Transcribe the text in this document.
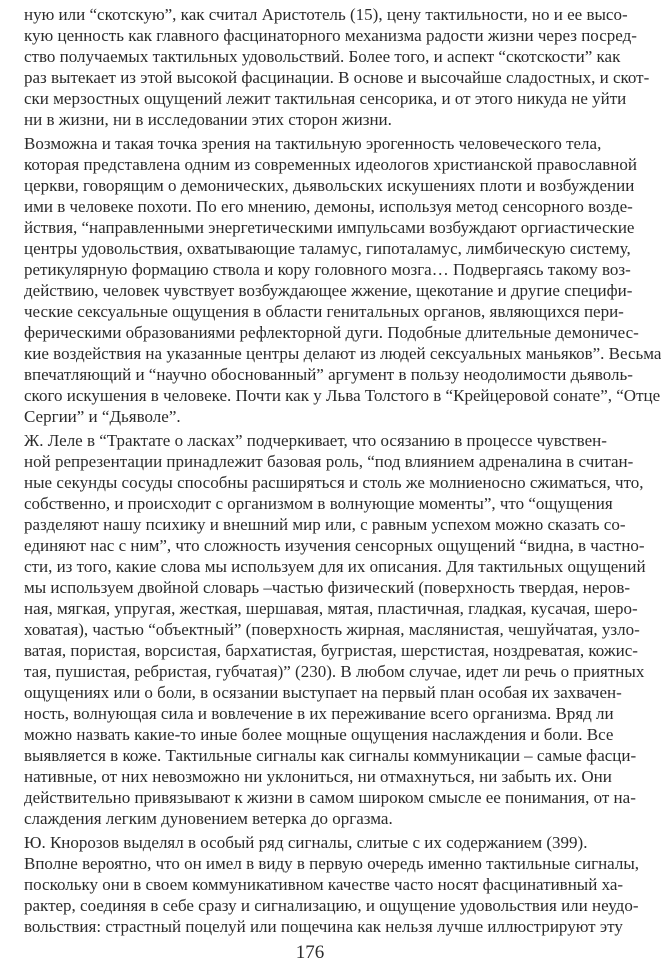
ную или “скотскую”, как считал Аристотель (15), цену тактильности, но и ее высо-
кую ценность как главного фасцинаторного механизма радости жизни через посред-
ство получаемых тактильных удовольствий. Более того, и аспект “скотскости” как
раз вытекает из этой высокой фасцинации. В основе и высочайше сладостных, и скот-
ски мерзостных ощущений лежит тактильная сенсорика, и от этого никуда не уйти
ни в жизни, ни в исследовании этих сторон жизни.
Возможна и такая точка зрения на тактильную эрогенность человеческого тела,
которая представлена одним из современных идеологов христианской православной
церкви, говорящим о демонических, дьявольских искушениях плоти и возбуждении
ими в человеке похоти. По его мнению, демоны, используя метод сенсорного возде-
йствия, “направленными энергетическими импульсами возбуждают оргиастические
центры удовольствия, охватывающие таламус, гипоталамус, лимбическую систему,
ретикулярную формацию ствола и кору головного мозга… Подвергаясь такому воз-
действию, человек чувствует возбуждающее жжение, щекотание и другие специфи-
ческие сексуальные ощущения в области генитальных органов, являющихся пери-
ферическими образованиями рефлекторной дуги. Подобные длительные демоничес-
кие воздействия на указанные центры делают из людей сексуальных маньяков”. Весьма
впечатляющий и “научно обоснованный” аргумент в пользу неодолимости дьяволь-
ского искушения в человеке. Почти как у Льва Толстого в “Крейцеровой сонате”, “Отце
Сергии” и “Дьяволе”.
Ж. Леле в “Трактате о ласках” подчеркивает, что осязанию в процессе чувствен-
ной репрезентации принадлежит базовая роль, “под влиянием адреналина в считан-
ные секунды сосуды способны расширяться и столь же молниеносно сжиматься, что,
собственно, и происходит с организмом в волнующие моменты”, что “ощущения
разделяют нашу психику и внешний мир или, с равным успехом можно сказать со-
единяют нас с ним”, что сложность изучения сенсорных ощущений “видна, в частно-
сти, из того, какие слова мы используем для их описания. Для тактильных ощущений
мы используем двойной словарь –частью физический (поверхность твердая, неров-
ная, мягкая, упругая, жесткая, шершавая, мятая, пластичная, гладкая, кусачая, шеро-
ховатая), частью “объектный” (поверхность жирная, маслянистая, чешуйчатая, узло-
ватая, пористая, ворсистая, бархатистая, бугристая, шерстистая, ноздреватая, кожис-
тая, пушистая, ребристая, губчатая)” (230). В любом случае, идет ли речь о приятных
ощущениях или о боли, в осязании выступает на первый план особая их захвачен-
ность, волнующая сила и вовлечение в их переживание всего организма. Вряд ли
можно назвать какие-то иные более мощные ощущения наслаждения и боли. Все
выявляется в коже. Тактильные сигналы как сигналы коммуникации – самые фасци-
нативные, от них невозможно ни уклониться, ни отмахнуться, ни забыть их. Они
действительно привязывают к жизни в самом широком смысле ее понимания, от на-
слаждения легким дуновением ветерка до оргазма.
Ю. Кнорозов выделял в особый ряд сигналы, слитые с их содержанием (399).
Вполне вероятно, что он имел в виду в первую очередь именно тактильные сигналы,
поскольку они в своем коммуникативном качестве часто носят фасцинативный ха-
рактер, соединяя в себе сразу и сигнализацию, и ощущение удовольствия или неудо-
вольствия: страстный поцелуй или пощечина как нельзя лучше иллюстрируют эту
176
